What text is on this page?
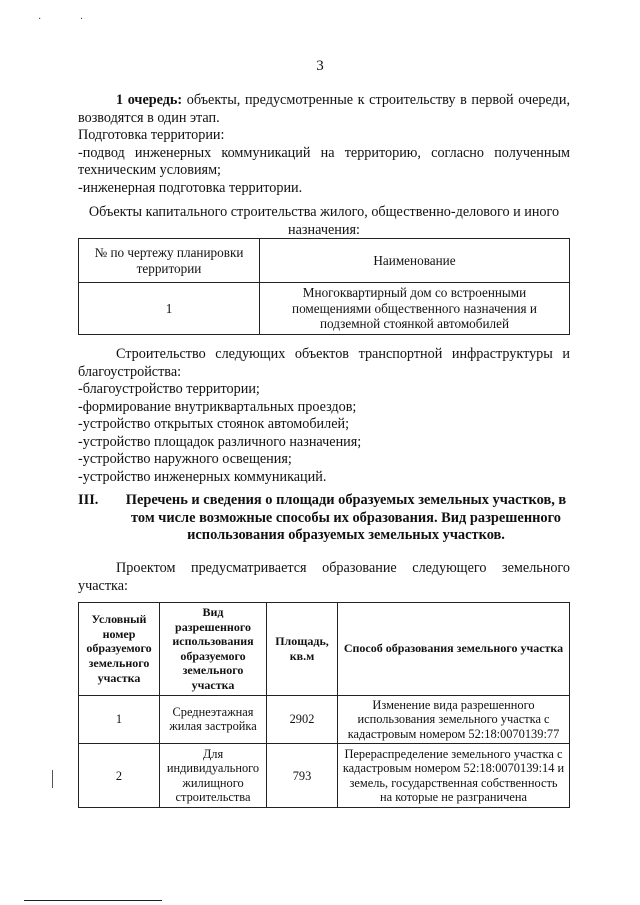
· ·
3

1 очередь: объекты, предусмотренные к строительству в первой очереди, возводятся в один этап.

Подготовка территории:

-подвод инженерных коммуникаций на территорию, согласно полученным техническим условиям;

-инженерная подготовка территории.

Объекты капитального строительства жилого, общественно-делового и иного назначения:

№ по чертежу планировки территории	Наименование
1	Многоквартирный дом со встроенными помещениями общественного назначения и подземной стоянкой автомобилей

Строительство следующих объектов транспортной инфраструктуры и благоустройства:

-благоустройство территории;

-формирование внутриквартальных проездов;

-устройство открытых стоянок автомобилей;

-устройство площадок различного назначения;

-устройство наружного освещения;

-устройство инженерных коммуникаций.

III. Перечень и сведения о площади образуемых земельных участков, в том числе возможные способы их образования. Вид разрешенного использования образуемых земельных участков.

Проектом предусматривается образование следующего земельного участка:

Условный номер образуемого земельного участка	Вид разрешенного использования образуемого земельного участка	Площадь, кв.м	Способ образования земельного участка
1	Среднеэтажная жилая застройка	2902	Изменение вида разрешенного использования земельного участка с кадастровым номером 52:18:0070139:77
2	Для индивидуального жилищного строительства	793	Перераспределение земельного участка с кадастровым номером 52:18:0070139:14 и земель, государственная собственность на которые не разграничена
